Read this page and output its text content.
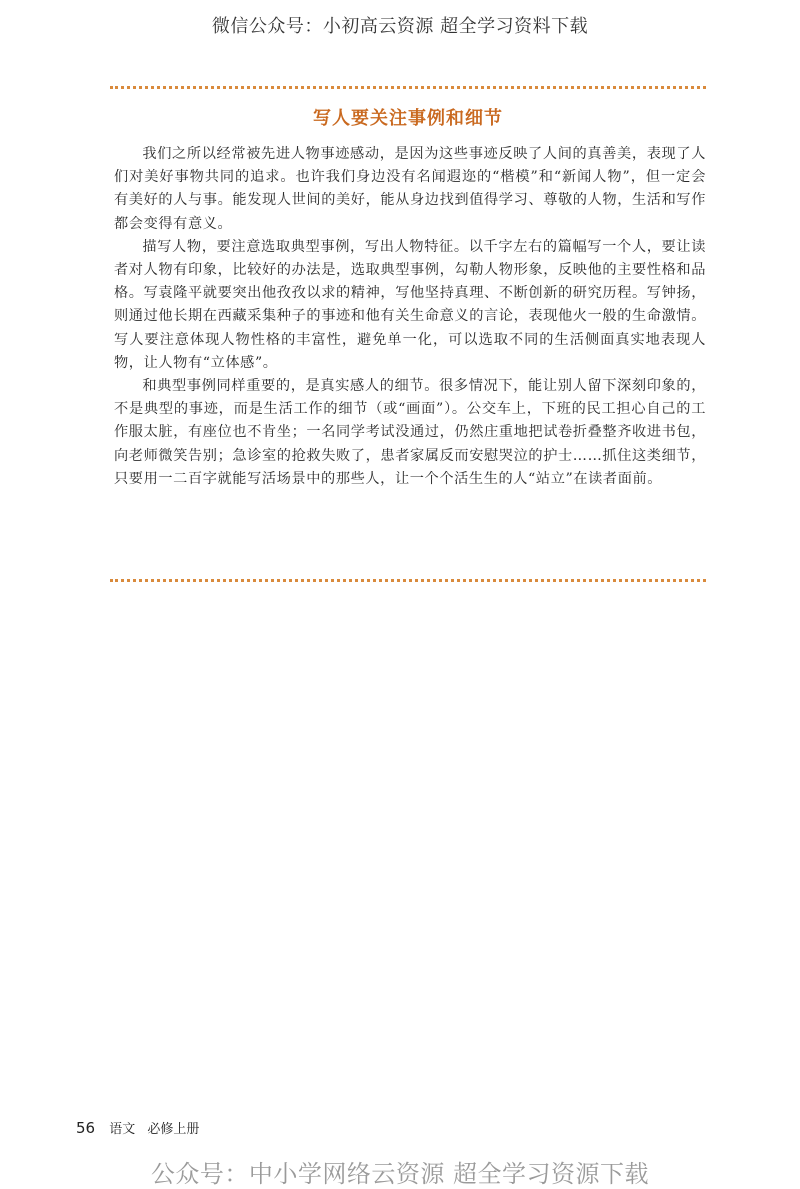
微信公众号：小初高云资源 超全学习资料下载
写人要关注事例和细节

我们之所以经常被先进人物事迹感动，是因为这些事迹反映了人间的真善美，表现了人们对美好事物共同的追求。也许我们身边没有名闻遐迩的“楷模”和“新闻人物”，但一定会有美好的人与事。能发现人世间的美好，能从身边找到值得学习、尊敬的人物，生活和写作都会变得有意义。

描写人物，要注意选取典型事例，写出人物特征。以千字左右的篇幅写一个人，要让读者对人物有印象，比较好的办法是，选取典型事例，勾勒人物形象，反映他的主要性格和品格。写袁隆平就要突出他孜孜以求的精神，写他坚持真理、不断创新的研究历程。写钟扬，则通过他长期在西藏采集种子的事迹和他有关生命意义的言论，表现他火一般的生命激情。写人要注意体现人物性格的丰富性，避免单一化，可以选取不同的生活侧面真实地表现人物，让人物有“立体感”。

和典型事例同样重要的，是真实感人的细节。很多情况下，能让别人留下深刻印象的，不是典型的事迹，而是生活工作的细节（或“画面”）。公交车上，下班的民工担心自己的工作服太脏，有座位也不肯坐；一名同学考试没通过，仍然庄重地把试卷折叠整齐收进书包，向老师微笑告别；急诊室的抢救失败了，患者家属反而安慰哭泣的护士……抓住这类细节，只要用一二百字就能写活场景中的那些人，让一个个活生生的人“站立”在读者面前。

56 语文 必修上册
公众号：中小学网络云资源 超全学习资源下载
